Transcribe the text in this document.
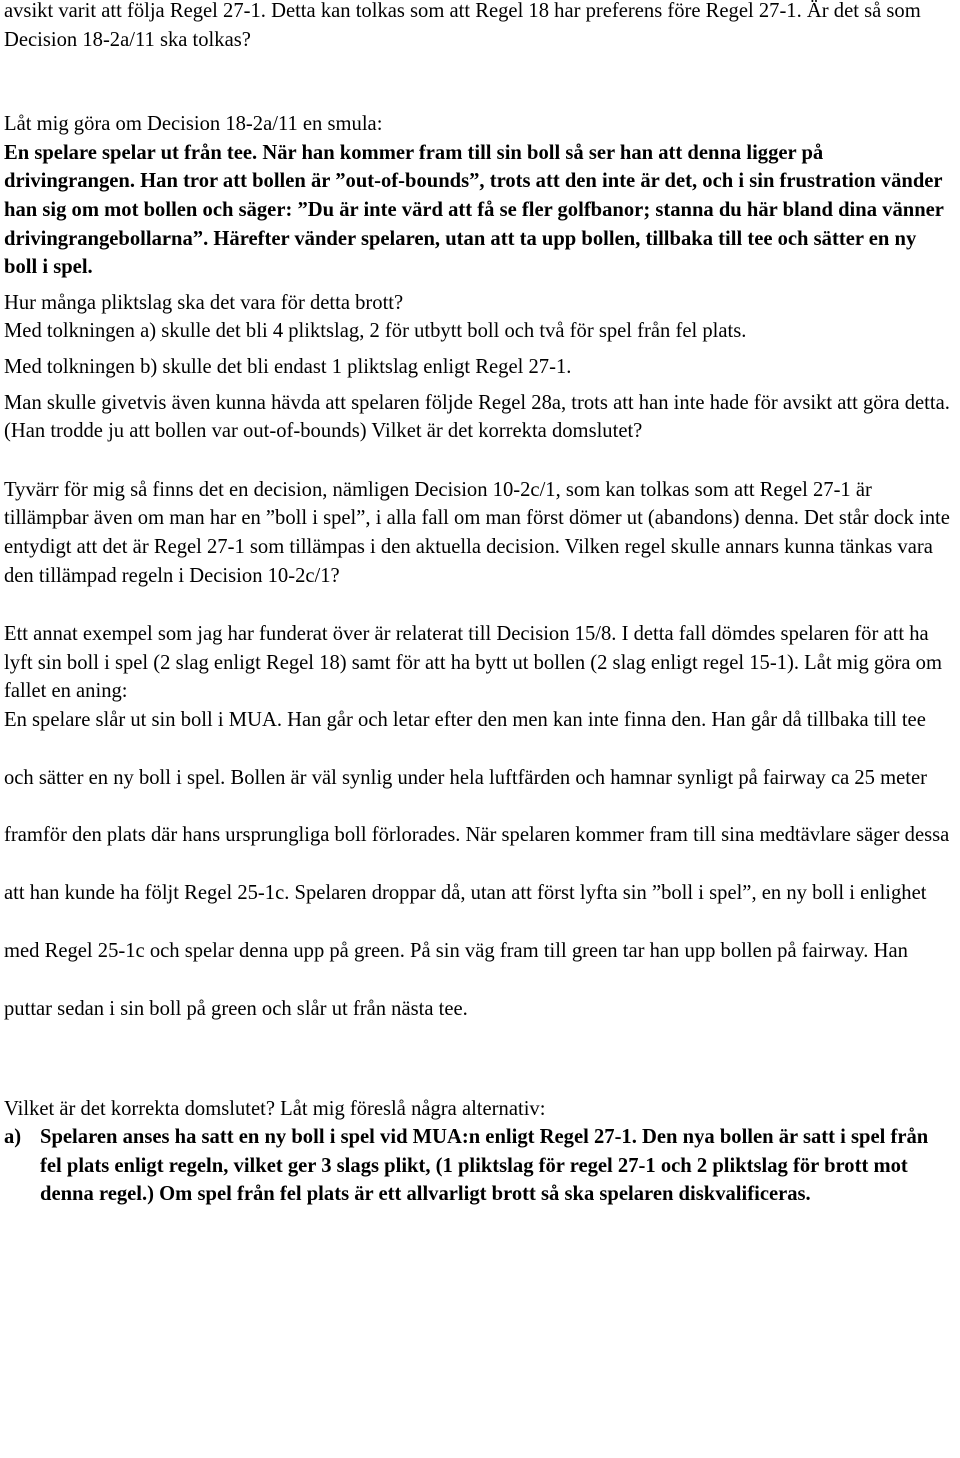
avsikt varit att följa Regel 27-1. Detta kan tolkas som att Regel 18 har preferens före Regel 27-1. Är det så som Decision 18-2a/11 ska tolkas?

Låt mig göra om Decision 18-2a/11 en smula:

En spelare spelar ut från tee. När han kommer fram till sin boll så ser han att denna ligger på drivingrangen. Han tror att bollen är ”out-of-bounds”, trots att den inte är det, och i sin frustration vänder han sig om mot bollen och säger: ”Du är inte värd att få se fler golfbanor; stanna du här bland dina vänner drivingrangebollarna”. Härefter vänder spelaren, utan att ta upp bollen, tillbaka till tee och sätter en ny boll i spel.

Hur många pliktslag ska det vara för detta brott?

Med tolkningen a) skulle det bli 4 pliktslag, 2 för utbytt boll och två för spel från fel plats.

Med tolkningen b) skulle det bli endast 1 pliktslag enligt Regel 27-1.

Man skulle givetvis även kunna hävda att spelaren följde Regel 28a, trots att han inte hade för avsikt att göra detta. (Han trodde ju att bollen var out-of-bounds) Vilket är det korrekta domslutet?

Tyvärr för mig så finns det en decision, nämligen Decision 10-2c/1, som kan tolkas som att Regel 27-1 är tillämpbar även om man har en ”boll i spel”, i alla fall om man först dömer ut (abandons) denna. Det står dock inte entydigt att det är Regel 27-1 som tillämpas i den aktuella decision. Vilken regel skulle annars kunna tänkas vara den tillämpad regeln i Decision 10-2c/1?

Ett annat exempel som jag har funderat över är relaterat till Decision 15/8. I detta fall dömdes spelaren för att ha lyft sin boll i spel (2 slag enligt Regel 18) samt för att ha bytt ut bollen (2 slag enligt regel 15-1). Låt mig göra om fallet en aning:

En spelare slår ut sin boll i MUA. Han går och letar efter den men kan inte finna den. Han går då tillbaka till tee och sätter en ny boll i spel. Bollen är väl synlig under hela luftfärden och hamnar synligt på fairway ca 25 meter framför den plats där hans ursprungliga boll förlorades. När spelaren kommer fram till sina medtävlare säger dessa att han kunde ha följt Regel 25-1c. Spelaren droppar då, utan att först lyfta sin ”boll i spel”, en ny boll i enlighet med Regel 25-1c och spelar denna upp på green. På sin väg fram till green tar han upp bollen på fairway. Han puttar sedan i sin boll på green och slår ut från nästa tee.

Vilket är det korrekta domslutet? Låt mig föreslå några alternativ:

a) Spelaren anses ha satt en ny boll i spel vid MUA:n enligt Regel 27-1. Den nya bollen är satt i spel från fel plats enligt regeln, vilket ger 3 slags plikt, (1 pliktslag för regel 27-1 och 2 pliktslag för brott mot denna regel.) Om spel från fel plats är ett allvarligt brott så ska spelaren diskvalificeras.
